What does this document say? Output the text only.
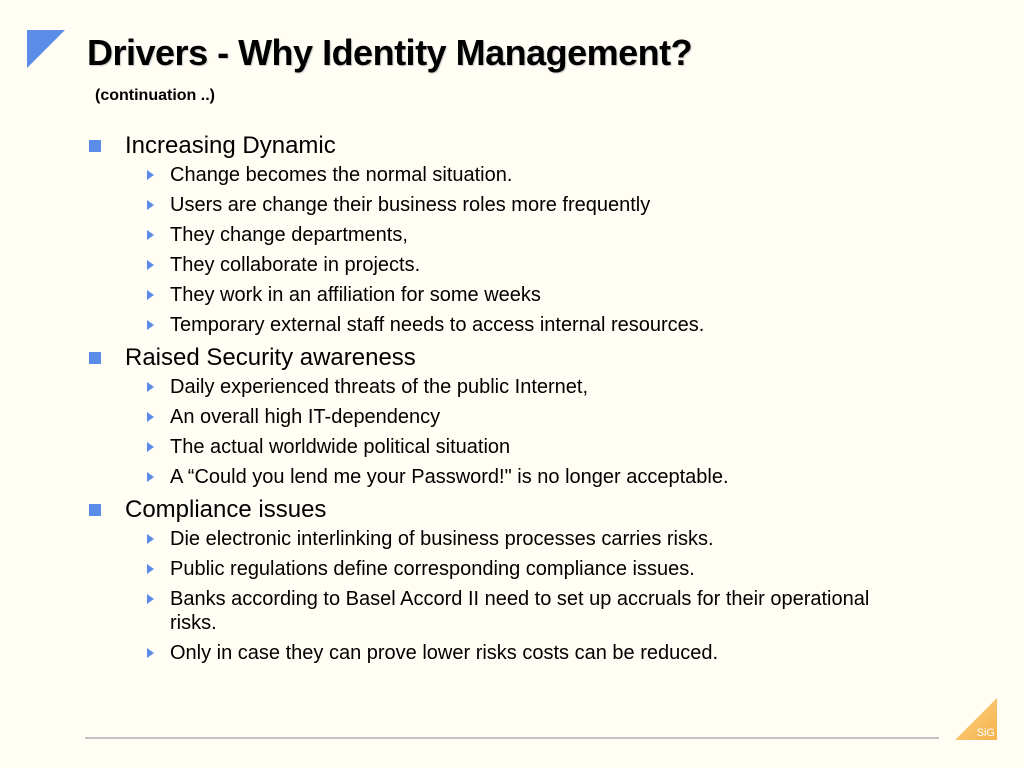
Drivers - Why Identity Management?
(continuation ..)
Increasing Dynamic
Change becomes the normal situation.
Users are change their business roles more frequently
They change departments,
They collaborate in projects.
They work in an affiliation for some weeks
Temporary external staff needs to access internal resources.
Raised Security awareness
Daily experienced threats of the public Internet,
An overall high IT-dependency
The actual worldwide political situation
A “Could you lend me your Password!" is no longer acceptable.
Compliance issues
Die electronic interlinking of business processes carries risks.
Public regulations define corresponding compliance issues.
Banks according to Basel Accord II need to set up accruals for their operational risks.
Only in case they can prove lower risks costs can be reduced.
SiG
